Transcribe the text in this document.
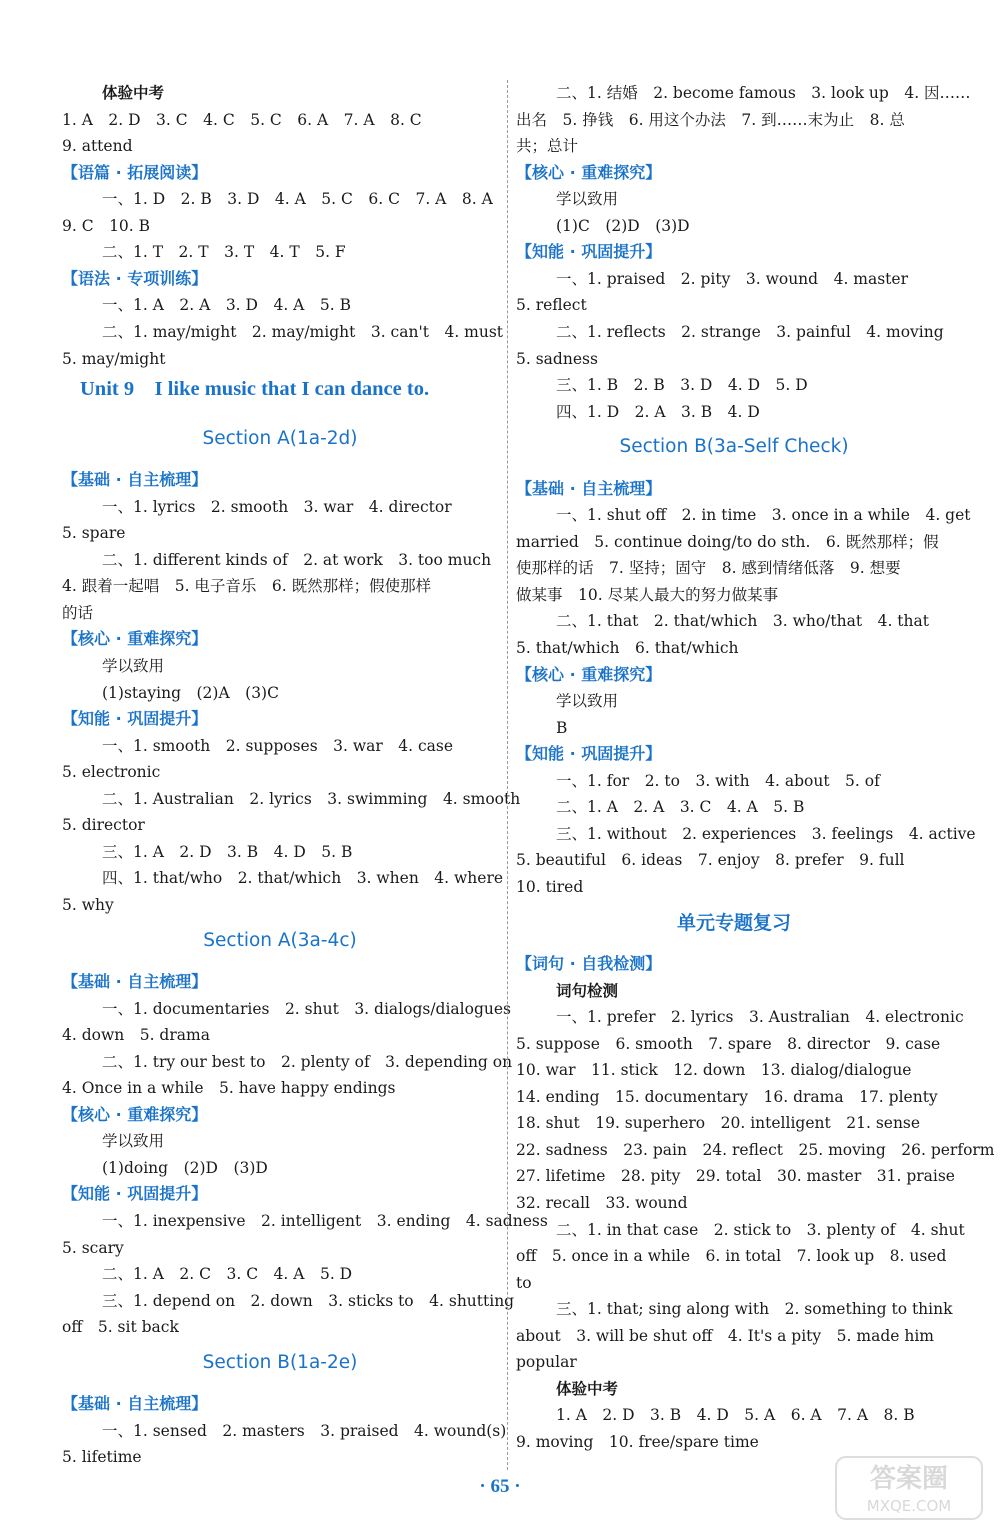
体验中考
1. A　2. D　3. C　4. C　5. C　6. A　7. A　8. C
9. attend
【语篇 · 拓展阅读】
一、1. D　2. B　3. D　4. A　5. C　6. C　7. A　8. A
9. C　10. B
二、1. T　2. T　3. T　4. T　5. F
【语法 · 专项训练】
一、1. A　2. A　3. D　4. A　5. B
二、1. may/might　2. may/might　3. can't　4. must
5. may/might
Unit 9　I like music that I can dance to.
Section A(1a-2d)
【基础 · 自主梳理】
一、1. lyrics　2. smooth　3. war　4. director
5. spare
二、1. different kinds of　2. at work　3. too much
4. 跟着一起唱　5. 电子音乐　6. 既然那样；假使那样
的话
【核心 · 重难探究】
学以致用
(1)staying　(2)A　(3)C
【知能 · 巩固提升】
一、1. smooth　2. supposes　3. war　4. case
5. electronic
二、1. Australian　2. lyrics　3. swimming　4. smooth
5. director
三、1. A　2. D　3. B　4. D　5. B
四、1. that/who　2. that/which　3. when　4. where
5. why
Section A(3a-4c)
【基础 · 自主梳理】
一、1. documentaries　2. shut　3. dialogs/dialogues
4. down　5. drama
二、1. try our best to　2. plenty of　3. depending on
4. Once in a while　5. have happy endings
【核心 · 重难探究】
学以致用
(1)doing　(2)D　(3)D
【知能 · 巩固提升】
一、1. inexpensive　2. intelligent　3. ending　4. sadness
5. scary
二、1. A　2. C　3. C　4. A　5. D
三、1. depend on　2. down　3. sticks to　4. shutting
off　5. sit back
Section B(1a-2e)
【基础 · 自主梳理】
一、1. sensed　2. masters　3. praised　4. wound(s)
5. lifetime
二、1. 结婚　2. become famous　3. look up　4. 因……
出名　5. 挣钱　6. 用这个办法　7. 到……末为止　8. 总
共；总计
【核心 · 重难探究】
学以致用
(1)C　(2)D　(3)D
【知能 · 巩固提升】
一、1. praised　2. pity　3. wound　4. master
5. reflect
二、1. reflects　2. strange　3. painful　4. moving
5. sadness
三、1. B　2. B　3. D　4. D　5. D
四、1. D　2. A　3. B　4. D
Section B(3a-Self Check)
【基础 · 自主梳理】
一、1. shut off　2. in time　3. once in a while　4. get
married　5. continue doing/to do sth.　6. 既然那样；假
使那样的话　7. 坚持；固守　8. 感到情绪低落　9. 想要
做某事　10. 尽某人最大的努力做某事
二、1. that　2. that/which　3. who/that　4. that
5. that/which　6. that/which
【核心 · 重难探究】
学以致用
B
【知能 · 巩固提升】
一、1. for　2. to　3. with　4. about　5. of
二、1. A　2. A　3. C　4. A　5. B
三、1. without　2. experiences　3. feelings　4. active
5. beautiful　6. ideas　7. enjoy　8. prefer　9. full
10. tired
单元专题复习
【词句 · 自我检测】
词句检测
一、1. prefer　2. lyrics　3. Australian　4. electronic
5. suppose　6. smooth　7. spare　8. director　9. case
10. war　11. stick　12. down　13. dialog/dialogue
14. ending　15. documentary　16. drama　17. plenty
18. shut　19. superhero　20. intelligent　21. sense
22. sadness　23. pain　24. reflect　25. moving　26. perform
27. lifetime　28. pity　29. total　30. master　31. praise
32. recall　33. wound
二、1. in that case　2. stick to　3. plenty of　4. shut
off　5. once in a while　6. in total　7. look up　8. used
to
三、1. that; sing along with　2. something to think
about　3. will be shut off　4. It's a pity　5. made him
popular
体验中考
1. A　2. D　3. B　4. D　5. A　6. A　7. A　8. B
9. moving　10. free/spare time
· 65 ·	答案圈
MXQE.COM
